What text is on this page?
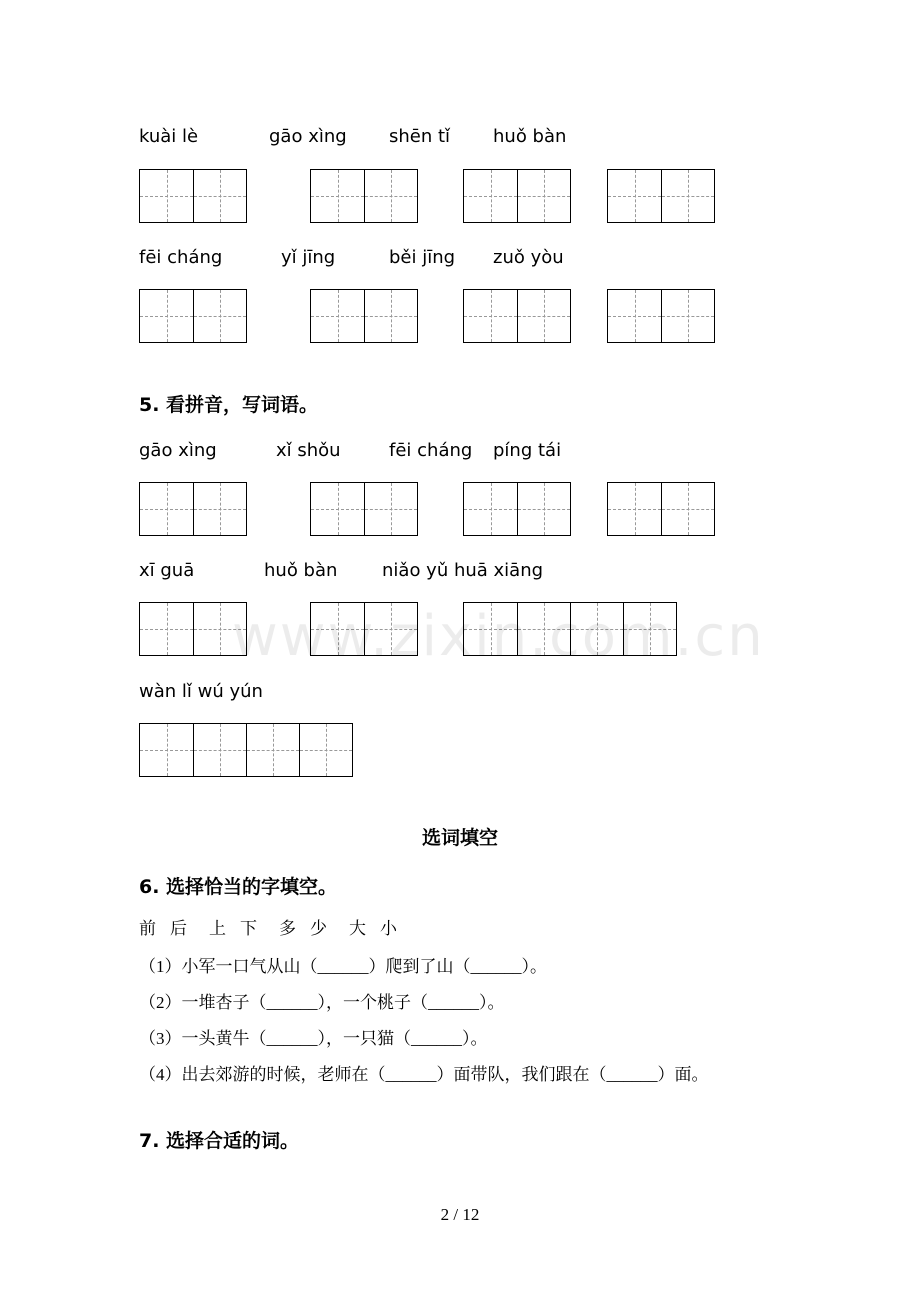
kuài lè	gāo xìng shēn tǐ huǒ bàn
fēi cháng	yǐ jīng	běi jīng zuǒ yòu
5. 看拼音，写词语。
gāo xìng	xǐ shǒu	fēi cháng píng tái
xī guā	huǒ bàn niǎo yǔ huā xiāng
wàn lǐ wú yún
www.zixin.com.cn
选词填空
6. 选择恰当的字填空。
前 后 上 下 多 少 大 小
（1）小军一口气从山（______）爬到了山（______）。
（2）一堆杏子（______），一个桃子（______）。
（3）一头黄牛（______），一只猫（______）。
（4）出去郊游的时候，老师在（______）面带队，我们跟在（______）面。
7. 选择合适的词。
2 / 12
